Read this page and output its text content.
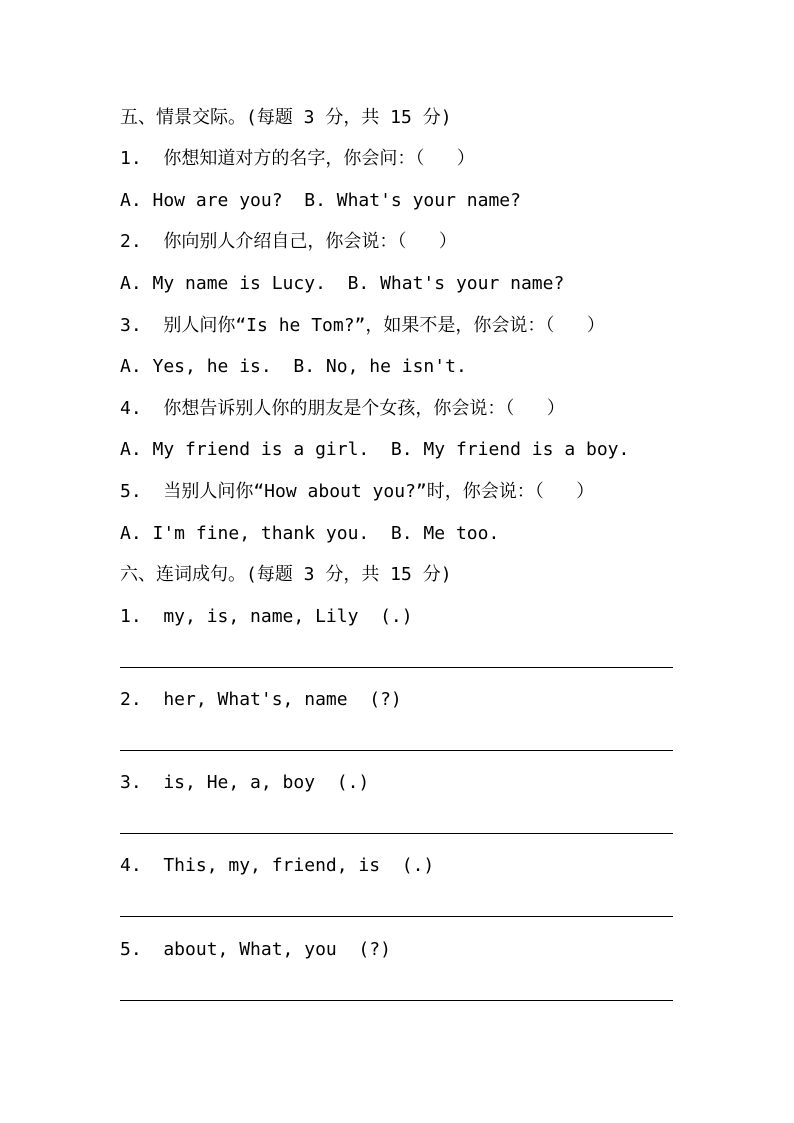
五、情景交际。(每题 3 分，共 15 分)
1.  你想知道对方的名字，你会问：（   ）
A. How are you?  B. What's your name?
2.  你向别人介绍自己，你会说：（   ）
A. My name is Lucy.  B. What's your name?
3.  别人问你“Is he Tom?”，如果不是，你会说：（   ）
A. Yes, he is.  B. No, he isn't.
4.  你想告诉别人你的朋友是个女孩，你会说：（   ）
A. My friend is a girl.  B. My friend is a boy.
5.  当别人问你“How about you?”时，你会说：（   ）
A. I'm fine, thank you.  B. Me too.
六、连词成句。(每题 3 分，共 15 分)
1.  my, is, name, Lily  (.)
2.  her, What's, name  (?)
3.  is, He, a, boy  (.)
4.  This, my, friend, is  (.)
5.  about, What, you  (?)
